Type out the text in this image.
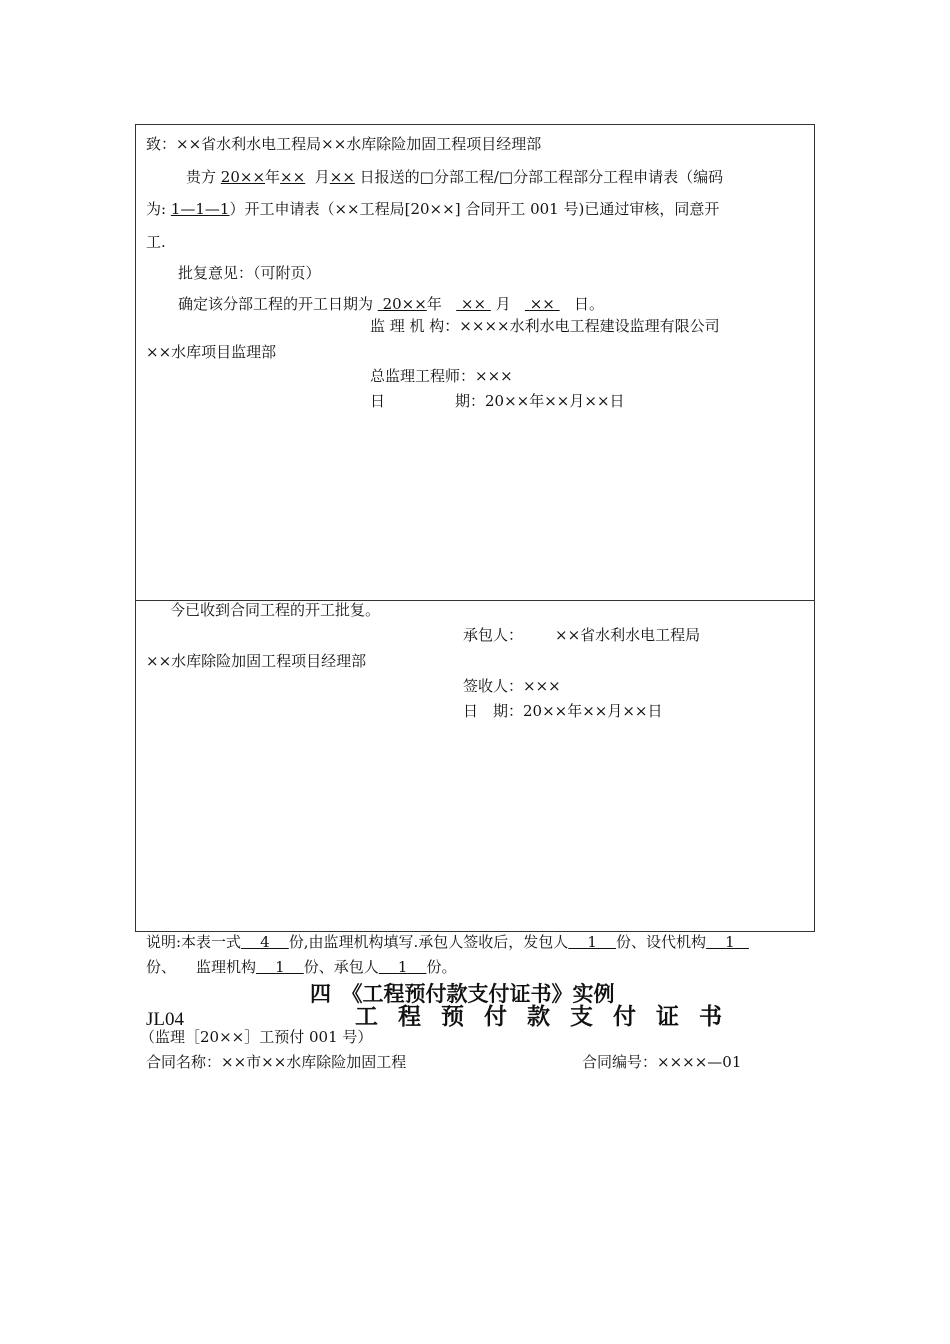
致：××省水利水电工程局××水库除险加固工程项目经理部
贵方 20××年×× 月×× 日报送的□分部工程/□分部工程部分工程申请表（编码
为: 1—1—1）开工申请表（××工程局[20××] 合同开工 001 号)已通过审核，同意开
工.
批复意见：（可附页）
确定该分部工程的开工日期为 20××年 ×× 月 ×× 日。
监 理 机 构：××××水利水电工程建设监理有限公司
××水库项目监理部
总监理工程师：×××
日	期：20××年××月××日
今已收到合同工程的开工批复。
承包人： ××省水利水电工程局
××水库除险加固工程项目经理部
签收人：×××
日　期：20××年××月××日
说明:本表一式 4 份,由监理机构填写.承包人签收后，发包人 1 份、设代机构 1
份、 监理机构 1 份、承包人 1 份。
四　《工程预付款支付证书》实例
JL04	工 程 预 付 款 支 付 证 书
（监理［20××］工预付 001 号）
合同名称：××市××水库除险加固工程	合同编号：××××—01
